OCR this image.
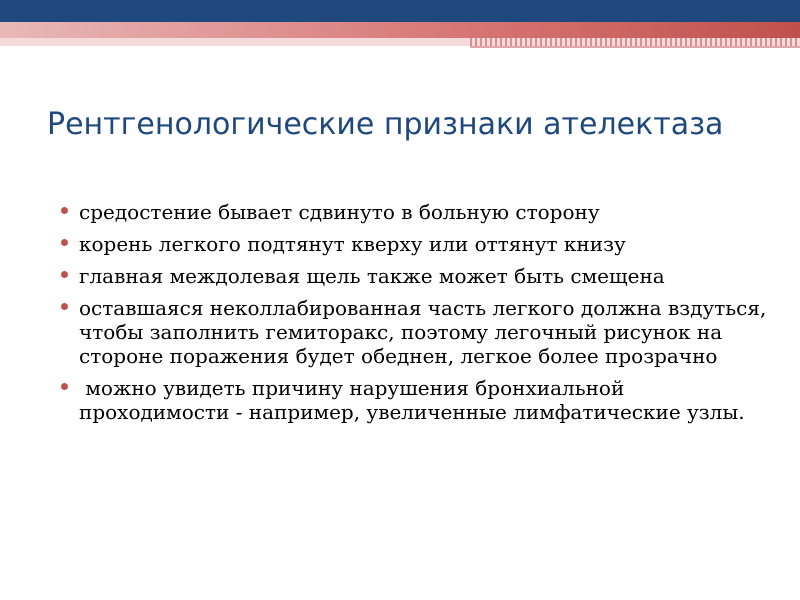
Рентгенологические признаки ателектаза
средостение бывает сдвинуто в больную сторону
корень легкого подтянут кверху или оттянут книзу
главная междолевая щель также может быть смещена
оставшаяся неколлабированная часть легкого должна вздуться, чтобы заполнить гемиторакс, поэтому легочный рисунок на стороне поражения будет обеднен, легкое более прозрачно
можно увидеть причину нарушения бронхиальной проходимости - например, увеличенные лимфатические узлы.
